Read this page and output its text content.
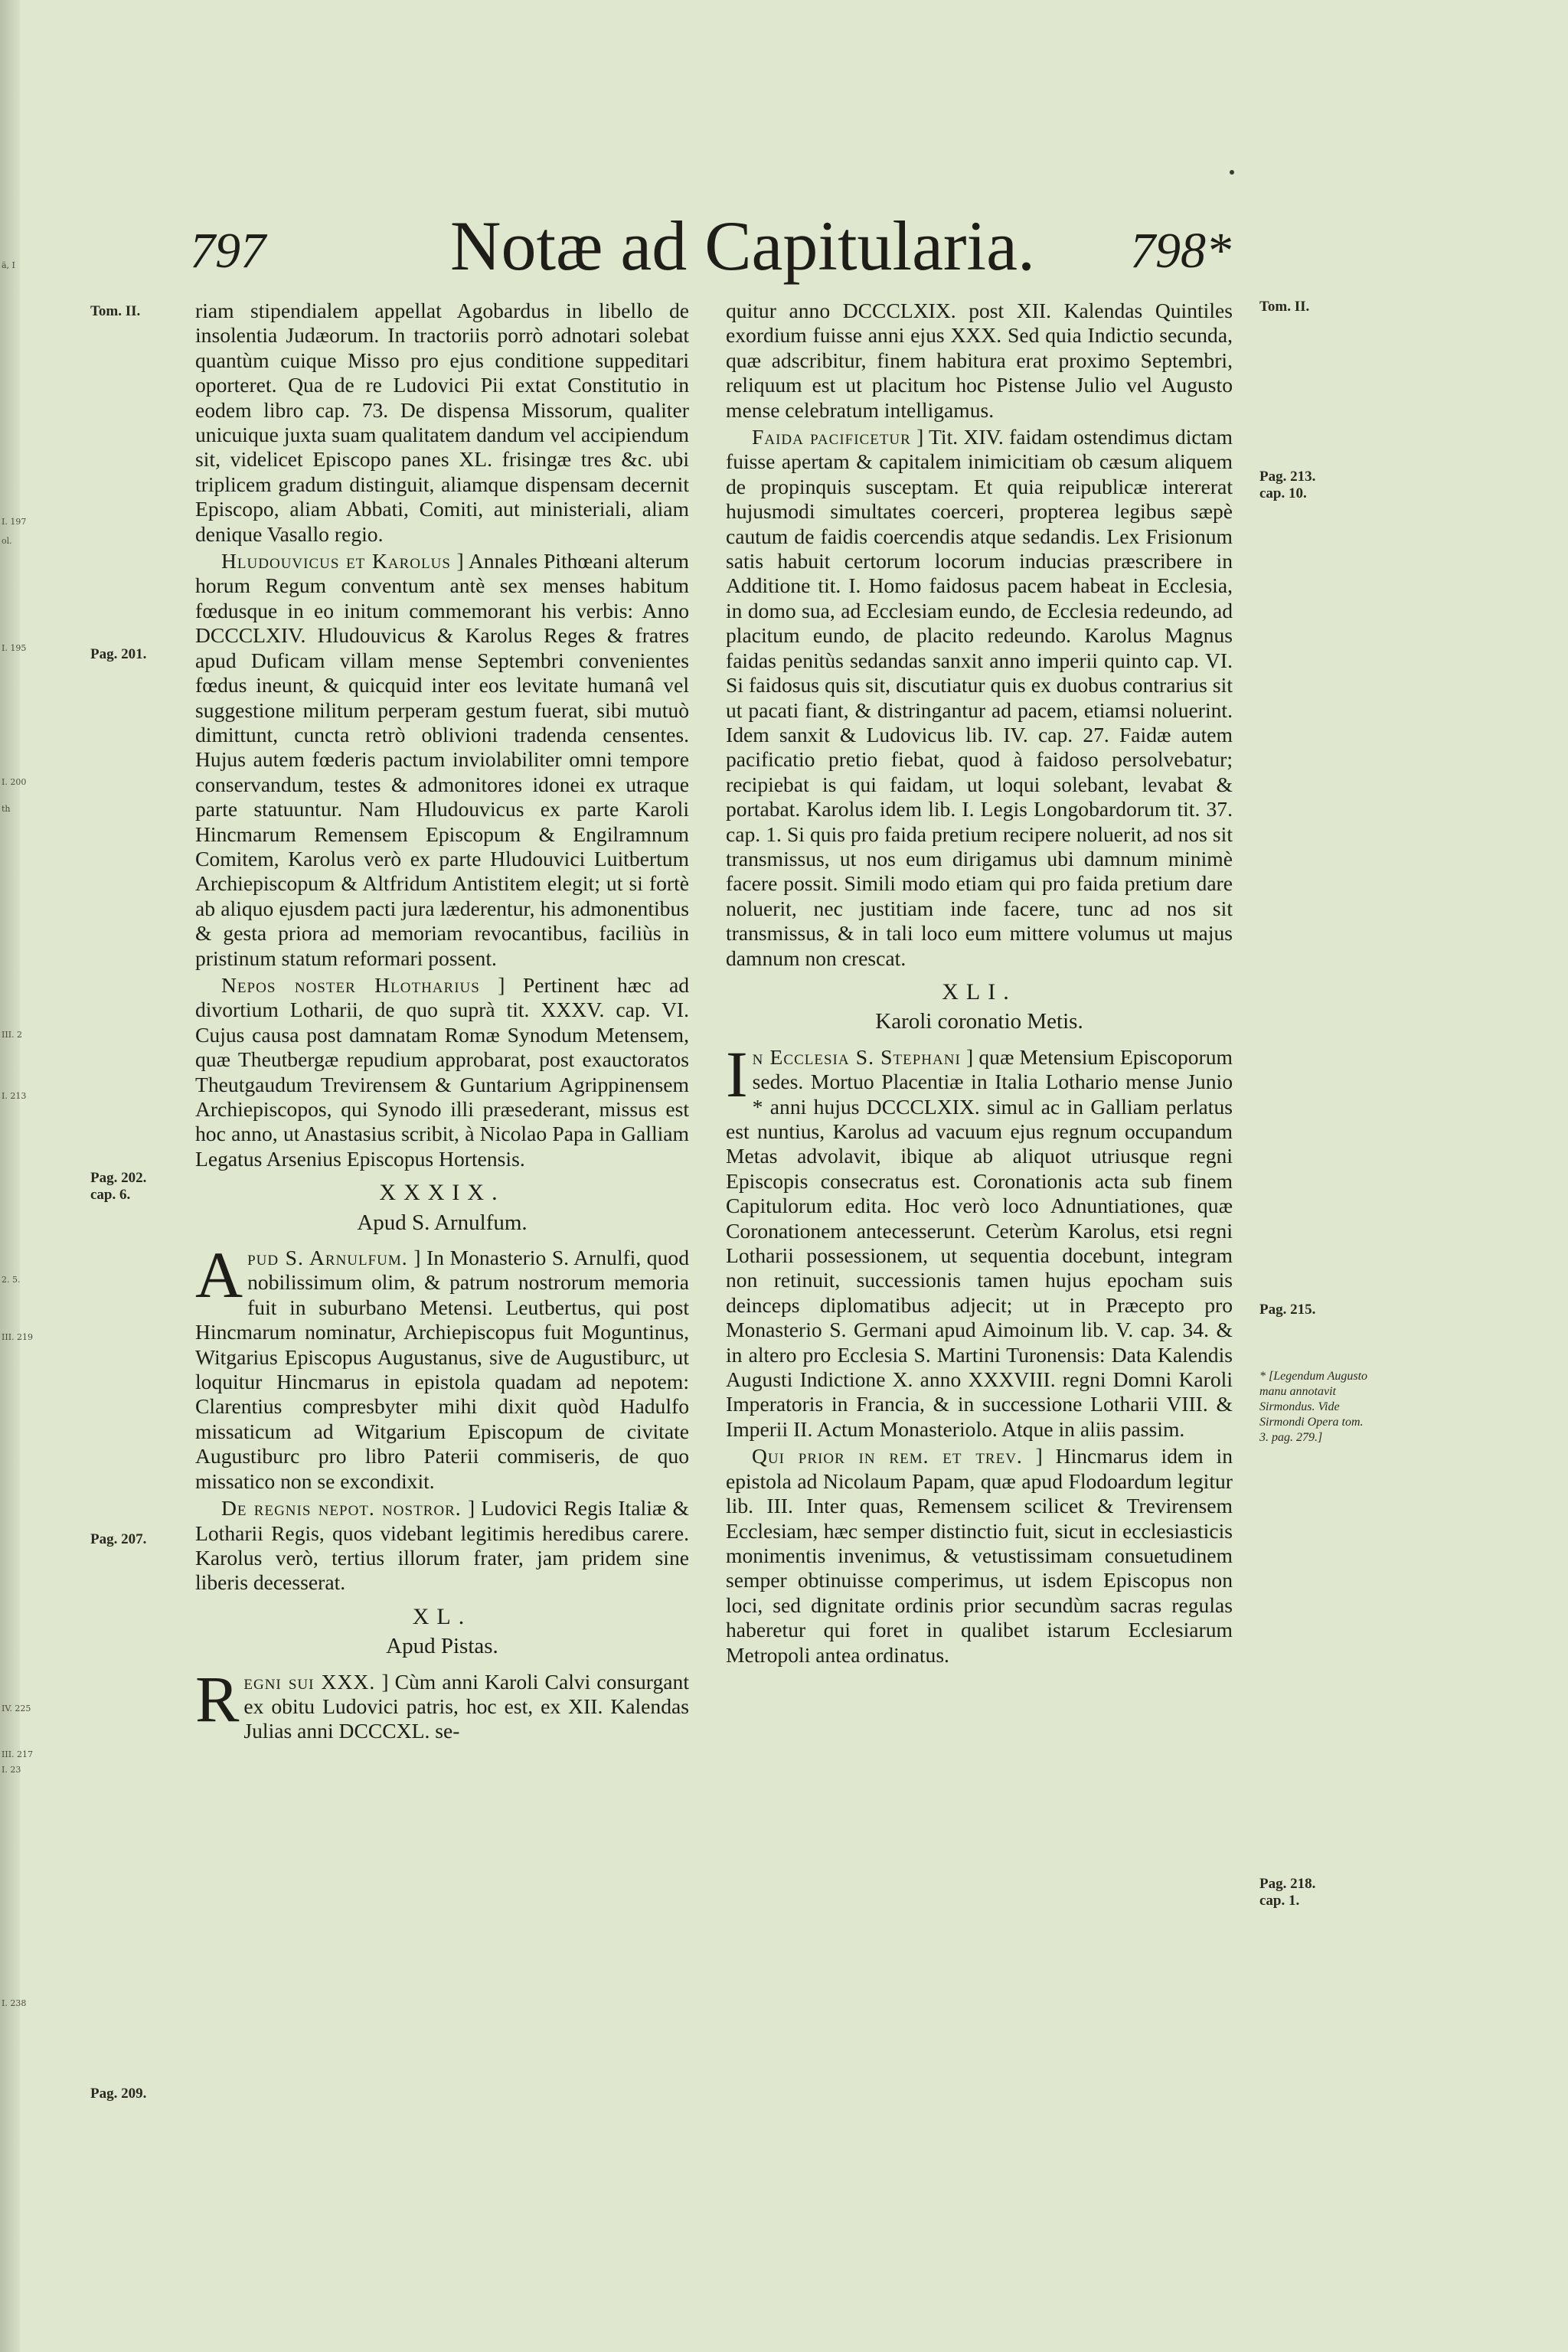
ä, I
I. 197
ol.
I. 195
I. 200
th
III. 2
I. 213
2. 5.
III. 219
IV. 225
III. 217
I. 23
I. 238
797	Notæ ad Capitularia. 798*
Tom. II.
Pag. 201.
Pag. 202.
cap. 6.
Pag. 207.
Pag. 209.
Tom. II.
Pag. 213.
cap. 10.
Pag. 215.
* [Legendum Augusto manu annotavit Sirmondus. Vide Sirmondi Opera tom. 3. pag. 279.]
Pag. 218.
cap. 1.

riam stipendialem appellat Agobardus in libello de insolentia Judæorum. In tractoriis porrò adnotari solebat quantùm cuique Misso pro ejus conditione suppeditari oporteret. Qua de re Ludovici Pii extat Constitutio in eodem libro cap. 73. De dispensa Missorum, qualiter unicuique juxta suam qualitatem dandum vel accipiendum sit, videlicet Episcopo panes XL. frisingæ tres &c. ubi triplicem gradum distinguit, aliamque dispensam decernit Episcopo, aliam Abbati, Comiti, aut ministeriali, aliam denique Vasallo regio.

Hludouvicus et Karolus ] Annales Pithœani alterum horum Regum conventum antè sex menses habitum fœdusque in eo initum commemorant his verbis: Anno DCCCLXIV. Hludouvicus & Karolus Reges & fratres apud Duficam villam mense Septembri convenientes fœdus ineunt, & quicquid inter eos levitate humanâ vel suggestione militum perperam gestum fuerat, sibi mutuò dimittunt, cuncta retrò oblivioni tradenda censentes. Hujus autem fœderis pactum inviolabiliter omni tempore conservandum, testes & admonitores idonei ex utraque parte statuuntur. Nam Hludouvicus ex parte Karoli Hincmarum Remensem Episcopum & Engilramnum Comitem, Karolus verò ex parte Hludouvici Luitbertum Archiepiscopum & Altfridum Antistitem elegit; ut si fortè ab aliquo ejusdem pacti jura læderentur, his admonentibus & gesta priora ad memoriam revocantibus, faciliùs in pristinum statum reformari possent.

Nepos noster Hlotharius ] Pertinent hæc ad divortium Lotharii, de quo suprà tit. XXXV. cap. VI. Cujus causa post damnatam Romæ Synodum Metensem, quæ Theutbergæ repudium approbarat, post exauctoratos Theutgaudum Trevirensem & Guntarium Agrippinensem Archiepiscopos, qui Synodo illi præsederant, missus est hoc anno, ut Anastasius scribit, à Nicolao Papa in Galliam Legatus Arsenius Episcopus Hortensis.

XXXIX.
Apud S. Arnulfum.

Apud S. Arnulfum. ] In Monasterio S. Arnulfi, quod nobilissimum olim, & patrum nostrorum memoria fuit in suburbano Metensi. Leutbertus, qui post Hincmarum nominatur, Archiepiscopus fuit Moguntinus, Witgarius Episcopus Augustanus, sive de Augustiburc, ut loquitur Hincmarus in epistola quadam ad nepotem: Clarentius compresbyter mihi dixit quòd Hadulfo missaticum ad Witgarium Episcopum de civitate Augustiburc pro libro Paterii commiseris, de quo missatico non se excondixit.

De regnis nepot. nostror. ] Ludovici Regis Italiæ & Lotharii Regis, quos videbant legitimis heredibus carere. Karolus verò, tertius illorum frater, jam pridem sine liberis decesserat.

XL.
Apud Pistas.

Regni sui XXX. ] Cùm anni Karoli Calvi consurgant ex obitu Ludovici patris, hoc est, ex XII. Kalendas Julias anni DCCCXL. se-

quitur anno DCCCLXIX. post XII. Kalendas Quintiles exordium fuisse anni ejus XXX. Sed quia Indictio secunda, quæ adscribitur, finem habitura erat proximo Septembri, reliquum est ut placitum hoc Pistense Julio vel Augusto mense celebratum intelligamus.

Faida pacificetur ] Tit. XIV. faidam ostendimus dictam fuisse apertam & capitalem inimicitiam ob cæsum aliquem de propinquis susceptam. Et quia reipublicæ intererat hujusmodi simultates coerceri, propterea legibus sæpè cautum de faidis coercendis atque sedandis. Lex Frisionum satis habuit certorum locorum inducias præscribere in Additione tit. I. Homo faidosus pacem habeat in Ecclesia, in domo sua, ad Ecclesiam eundo, de Ecclesia redeundo, ad placitum eundo, de placito redeundo. Karolus Magnus faidas penitùs sedandas sanxit anno imperii quinto cap. VI. Si faidosus quis sit, discutiatur quis ex duobus contrarius sit ut pacati fiant, & distringantur ad pacem, etiamsi noluerint. Idem sanxit & Ludovicus lib. IV. cap. 27. Faidæ autem pacificatio pretio fiebat, quod à faidoso persolvebatur; recipiebat is qui faidam, ut loqui solebant, levabat & portabat. Karolus idem lib. I. Legis Longobardorum tit. 37. cap. 1. Si quis pro faida pretium recipere noluerit, ad nos sit transmissus, ut nos eum dirigamus ubi damnum minimè facere possit. Simili modo etiam qui pro faida pretium dare noluerit, nec justitiam inde facere, tunc ad nos sit transmissus, & in tali loco eum mittere volumus ut majus damnum non crescat.

XLI.
Karoli coronatio Metis.

In Ecclesia S. Stephani ] quæ Metensium Episcoporum sedes. Mortuo Placentiæ in Italia Lothario mense Junio * anni hujus DCCCLXIX. simul ac in Galliam perlatus est nuntius, Karolus ad vacuum ejus regnum occupandum Metas advolavit, ibique ab aliquot utriusque regni Episcopis consecratus est. Coronationis acta sub finem Capitulorum edita. Hoc verò loco Adnuntiationes, quæ Coronationem antecesserunt. Ceterùm Karolus, etsi regni Lotharii possessionem, ut sequentia docebunt, integram non retinuit, successionis tamen hujus epocham suis deinceps diplomatibus adjecit; ut in Præcepto pro Monasterio S. Germani apud Aimoinum lib. V. cap. 34. & in altero pro Ecclesia S. Martini Turonensis: Data Kalendis Augusti Indictione X. anno XXXVIII. regni Domni Karoli Imperatoris in Francia, & in successione Lotharii VIII. & Imperii II. Actum Monasteriolo. Atque in aliis passim.

Qui prior in rem. et trev. ] Hincmarus idem in epistola ad Nicolaum Papam, quæ apud Flodoardum legitur lib. III. Inter quas, Remensem scilicet & Trevirensem Ecclesiam, hæc semper distinctio fuit, sicut in ecclesiasticis monimentis invenimus, & vetustissimam consuetudinem semper obtinuisse comperimus, ut isdem Episcopus non loci, sed dignitate ordinis prior secundùm sacras regulas haberetur qui foret in qualibet istarum Ecclesiarum Metropoli antea ordinatus.
